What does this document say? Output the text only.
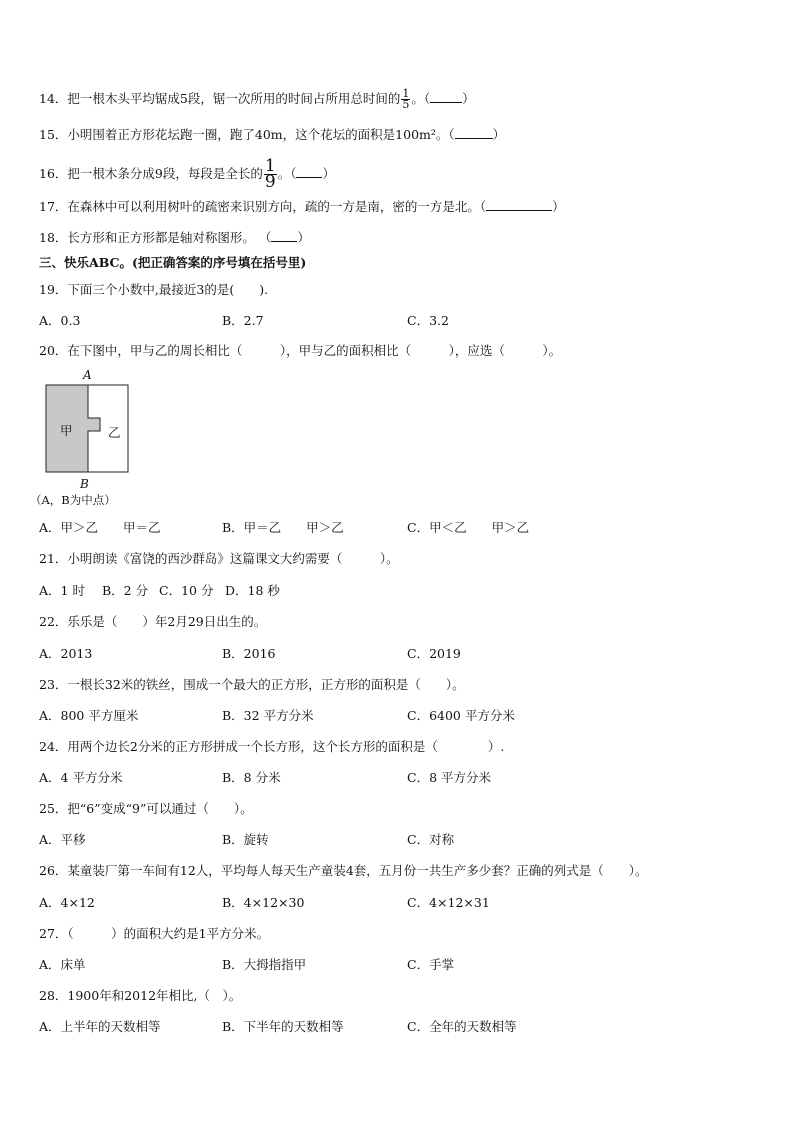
14．把一根木头平均锯成5段，锯一次所用的时间占所用总时间的 $\frac{1}{5}$ 。（	）
15．小明围着正方形花坛跑一圈，跑了40m，这个花坛的面积是100m²。（	）
16．把一根木条分成9段，每段是全长的 $\frac{1}{9}$ 。（ ）
17．在森林中可以利用树叶的疏密来识别方向，疏的一方是南，密的一方是北。（	）
18．长方形和正方形都是轴对称图形。 （ ）
三、快乐ABC。(把正确答案的序号填在括号里)
19．下面三个小数中,最接近3的是(　　).
A．0.3	B．2.7	C．3.2
20．在下图中，甲与乙的周长相比（　　　），甲与乙的面积相比（　　　），应选（　　　）。
A
甲	乙
B
（A，B为中点）
A．甲＞乙　　甲＝乙	B．甲＝乙　　甲＞乙	C．甲＜乙　　甲＞乙
21．小明朗读《富饶的西沙群岛》这篇课文大约需要（　　　）。
A．1 时 B．2 分 C．10 分 D．18 秒
22．乐乐是（　　）年2月29日出生的。
A．2013	B．2016	C．2019
23．一根长32米的铁丝，围成一个最大的正方形，正方形的面积是（　　）。
A．800 平方厘米	B．32 平方分米	C．6400 平方分米
24．用两个边长2分米的正方形拼成一个长方形，这个长方形的面积是（　　　　）.
A．4 平方分米	B．8 分米	C．8 平方分米
25．把“6”变成“9”可以通过（　　）。
A．平移	B．旋转	C．对称
26．某童装厂第一车间有12人，平均每人每天生产童装4套，五月份一共生产多少套？正确的列式是（　　）。
A．4×12	B．4×12×30	C．4×12×31
27．（　　　）的面积大约是1平方分米。
A．床单	B．大拇指指甲	C．手掌
28．1900年和2012年相比,（　）。
A．上半年的天数相等	B．下半年的天数相等	C．全年的天数相等
